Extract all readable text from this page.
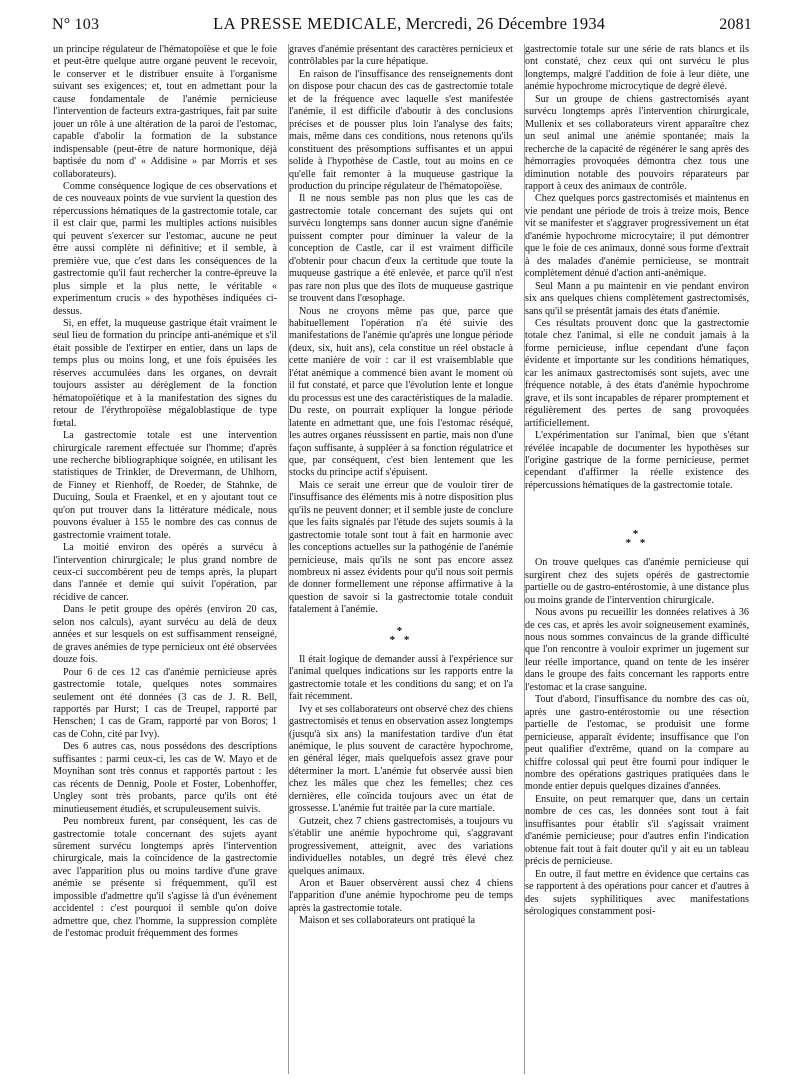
N° 103	LA PRESSE MEDICALE, Mercredi, 26 Décembre 1934	2081

un principe régulateur de l'hématopoïèse et que le foie et peut-être quelque autre organe peuvent le recevoir, le conserver et le distribuer ensuite à l'organisme suivant ses exigences; et, tout en admettant pour la cause fondamentale de l'anémie pernicieuse l'intervention de facteurs extra-gastriques, fait par suite jouer un rôle à une altération de la paroi de l'estomac, capable d'abolir la formation de la substance indispensable (peut-être de nature hormonique, déjà baptisée du nom d' « Addisine » par Morris et ses collaborateurs).

Comme conséquence logique de ces observations et de ces nouveaux points de vue survient la question des répercussions hématiques de la gastrectomie totale, car il est clair que, parmi les multiples actions nuisibles qui peuvent s'exercer sur l'estomac, aucune ne peut être aussi complète ni définitive; et il semble, à première vue, que c'est dans les conséquences de la gastrectomie qu'il faut rechercher la contre-épreuve la plus simple et la plus nette, le véritable « experimentum crucis » des hypothèses indiquées ci-dessus.

Si, en effet, la muqueuse gastrique était vraiment le seul lieu de formation du principe anti-anémique et s'il était possible de l'extirper en entier, dans un laps de temps plus ou moins long, et une fois épuisées les réserves accumulées dans les organes, on devrait toujours assister au dérèglement de la fonction hématopoïétique et à la manifestation des signes du retour de l'érythropoïèse mégaloblastique de type fœtal.

La gastrectomie totale est une intervention chirurgicale rarement effectuée sur l'homme; d'après une recherche bibliographique soignée, en utilisant les statistiques de Trinkler, de Drevermann, de Uhlhorn, de Finney et Rienhoff, de Roeder, de Stahnke, de Ducuing, Soula et Fraenkel, et en y ajoutant tout ce qu'on put trouver dans la littérature médicale, nous pouvons évaluer à 155 le nombre des cas connus de gastrectomie vraiment totale.

La moitié environ des opérés a survécu à l'intervention chirurgicale; le plus grand nombre de ceux-ci succombèrent peu de temps après, la plupart dans l'année et demie qui suivit l'opération, par récidive de cancer.

Dans le petit groupe des opérés (environ 20 cas, selon nos calculs), ayant survécu au delà de deux années et sur lesquels on est suffisamment renseigné, de graves anémies de type pernicieux ont été observées douze fois.

Pour 6 de ces 12 cas d'anémie pernicieuse après gastrectomie totale, quelques notes sommaires seulement ont été données (3 cas de J. R. Bell, rapportés par Hurst; 1 cas de Treupel, rapporté par Henschen; 1 cas de Gram, rapporté par von Boros; 1 cas de Cohn, cité par Ivy).

Des 6 autres cas, nous possédons des descriptions suffisantes : parmi ceux-ci, les cas de W. Mayo et de Moynihan sont très connus et rapportés partout : les cas récents de Dennig, Poole et Foster, Lobenhoffer, Ungley sont très probants, parce qu'ils ont été minutieusement étudiés, et scrupuleusement suivis.

Peu nombreux furent, par conséquent, les cas de gastrectomie totale concernant des sujets ayant sûrement survécu longtemps après l'intervention chirurgicale, mais la coïncidence de la gastrectomie avec l'apparition plus ou moins tardive d'une grave anémie se présente si fréquemment, qu'il est impossible d'admettre qu'il s'agisse là d'un événement accidentel : c'est pourquoi il semble qu'on doive admettre que, chez l'homme, la suppression complète de l'estomac produit fréquemment des formes

graves d'anémie présentant des caractères pernicieux et contrôlables par la cure hépatique.

En raison de l'insuffisance des renseignements dont on dispose pour chacun des cas de gastrectomie totale et de la fréquence avec laquelle s'est manifestée l'anémie, il est difficile d'aboutir à des conclusions précises et de pousser plus loin l'analyse des faits; mais, même dans ces conditions, nous retenons qu'ils constituent des présomptions suffisantes et un appui solide à l'hypothèse de Castle, tout au moins en ce qu'elle fait remonter à la muqueuse gastrique la production du principe régulateur de l'hématopoïèse.

Il ne nous semble pas non plus que les cas de gastrectomie totale concernant des sujets qui ont survécu longtemps sans donner aucun signe d'anémie puissent compter pour diminuer la valeur de la conception de Castle, car il est vraiment difficile d'obtenir pour chacun d'eux la certitude que toute la muqueuse gastrique a été enlevée, et parce qu'il n'est pas rare non plus que des îlots de muqueuse gastrique se trouvent dans l'œsophage.

Nous ne croyons même pas que, parce que habituellement l'opération n'a été suivie des manifestations de l'anémie qu'après une longue période (deux, six, huit ans), cela constitue un réel obstacle à cette manière de voir : car il est vraisemblable que l'état anémique a commencé bien avant le moment où il fut constaté, et parce que l'évolution lente et longue du processus est une des caractéristiques de la maladie. Du reste, on pourrait expliquer la longue période latente en admettant que, une fois l'estomac réséqué, les autres organes réussissent en partie, mais non d'une façon suffisante, à suppléer à sa fonction régulatrice et que, par conséquent, c'est bien lentement que les stocks du principe actif s'épuisent.

Mais ce serait une erreur que de vouloir tirer de l'insuffisance des éléments mis à notre disposition plus qu'ils ne peuvent donner; et il semble juste de conclure que les faits signalés par l'étude des sujets soumis à la gastrectomie totale sont tout à fait en harmonie avec les conceptions actuelles sur la pathogénie de l'anémie pernicieuse, mais qu'ils ne sont pas encore assez nombreux ni assez évidents pour qu'il nous soit permis de donner formellement une réponse affirmative à la question de savoir si la gastrectomie totale conduit fatalement à l'anémie.

*
* *

Il était logique de demander aussi à l'expérience sur l'animal quelques indications sur les rapports entre la gastrectomie totale et les conditions du sang; et on l'a fait récemment.

Ivy et ses collaborateurs ont observé chez des chiens gastrectomisés et tenus en observation assez longtemps (jusqu'à six ans) la manifestation tardive d'un état anémique, le plus souvent de caractère hypochrome, en général léger, mais quelquefois assez grave pour déterminer la mort. L'anémie fut observée aussi bien chez les mâles que chez les femelles; chez ces dernières, elle coïncida toujours avec un état de grossesse. L'anémie fut traitée par la cure martiale.

Gutzeit, chez 7 chiens gastrectomisés, a toujours vu s'établir une anémie hypochrome qui, s'aggravant progressivement, atteignit, avec des variations individuelles notables, un degré très élevé chez quelques animaux.

Aron et Bauer observèrent aussi chez 4 chiens l'apparition d'une anémie hypochrome peu de temps après la gastrectomie totale.

Maison et ses collaborateurs ont pratiqué la

gastrectomie totale sur une série de rats blancs et ils ont constaté, chez ceux qui ont survécu le plus longtemps, malgré l'addition de foie à leur diète, une anémie hypochrome microcytique de degré élevé.

Sur un groupe de chiens gastrectomisés ayant survécu longtemps après l'intervention chirurgicale, Mullenix et ses collaborateurs virent apparaître chez un seul animal une anémie spontanée; mais la recherche de la capacité de régénérer le sang après des hémorragies provoquées démontra chez tous une diminution notable des pouvoirs réparateurs par rapport à ceux des animaux de contrôle.

Chez quelques porcs gastrectomisés et maintenus en vie pendant une période de trois à treize mois, Bence vit se manifester et s'aggraver progressivement un état d'anémie hypochrome microcytaire; il put démontrer que le foie de ces animaux, donné sous forme d'extrait à des malades d'anémie pernicieuse, se montrait complètement dénué d'action anti-anémique.

Seul Mann a pu maintenir en vie pendant environ six ans quelques chiens complètement gastrectomisés, sans qu'il se présentât jamais des états d'anémie.

Ces résultats prouvent donc que la gastrectomie totale chez l'animal, si elle ne conduit jamais à la forme pernicieuse, influe cependant d'une façon évidente et importante sur les conditions hématiques, car les animaux gastrectomisés sont sujets, avec une fréquence notable, à des états d'anémie hypochrome grave, et ils sont incapables de réparer promptement et régulièrement des pertes de sang provoquées artificiellement.

L'expérimentation sur l'animal, bien que s'étant révélée incapable de documenter les hypothèses sur l'origine gastrique de la forme pernicieuse, permet cependant d'affirmer la réelle existence des répercussions hématiques de la gastrectomie totale.

*
* *

On trouve quelques cas d'anémie pernicieuse qui surgirent chez des sujets opérés de gastrectomie partielle ou de gastro-entérostomie, à une distance plus ou moins grande de l'intervention chirurgicale.

Nous avons pu recueillir les données relatives à 36 de ces cas, et après les avoir soigneusement examinés, nous nous sommes convaincus de la grande difficulté que l'on rencontre à vouloir exprimer un jugement sur leur réelle importance, quand on tente de les insérer dans le groupe des faits concernant les rapports entre l'estomac et la crase sanguine.

Tout d'abord, l'insuffisance du nombre des cas où, après une gastro-entérostomie ou une résection partielle de l'estomac, se produisit une forme pernicieuse, apparaît évidente; insuffisance que l'on peut qualifier d'extrême, quand on la compare au chiffre colossal qui peut être fourni pour indiquer le nombre des opérations gastriques pratiquées dans le monde entier depuis quelques dizaines d'années.

Ensuite, on peut remarquer que, dans un certain nombre de ces cas, les données sont tout à fait insuffisantes pour établir s'il s'agissait vraiment d'anémie pernicieuse; pour d'autres enfin l'indication obtenue fait tout à fait douter qu'il y ait eu un tableau précis de pernicieuse.

En outre, il faut mettre en évidence que certains cas se rapportent à des opérations pour cancer et d'autres à des sujets syphilitiques avec manifestations sérologiques constamment posi-
